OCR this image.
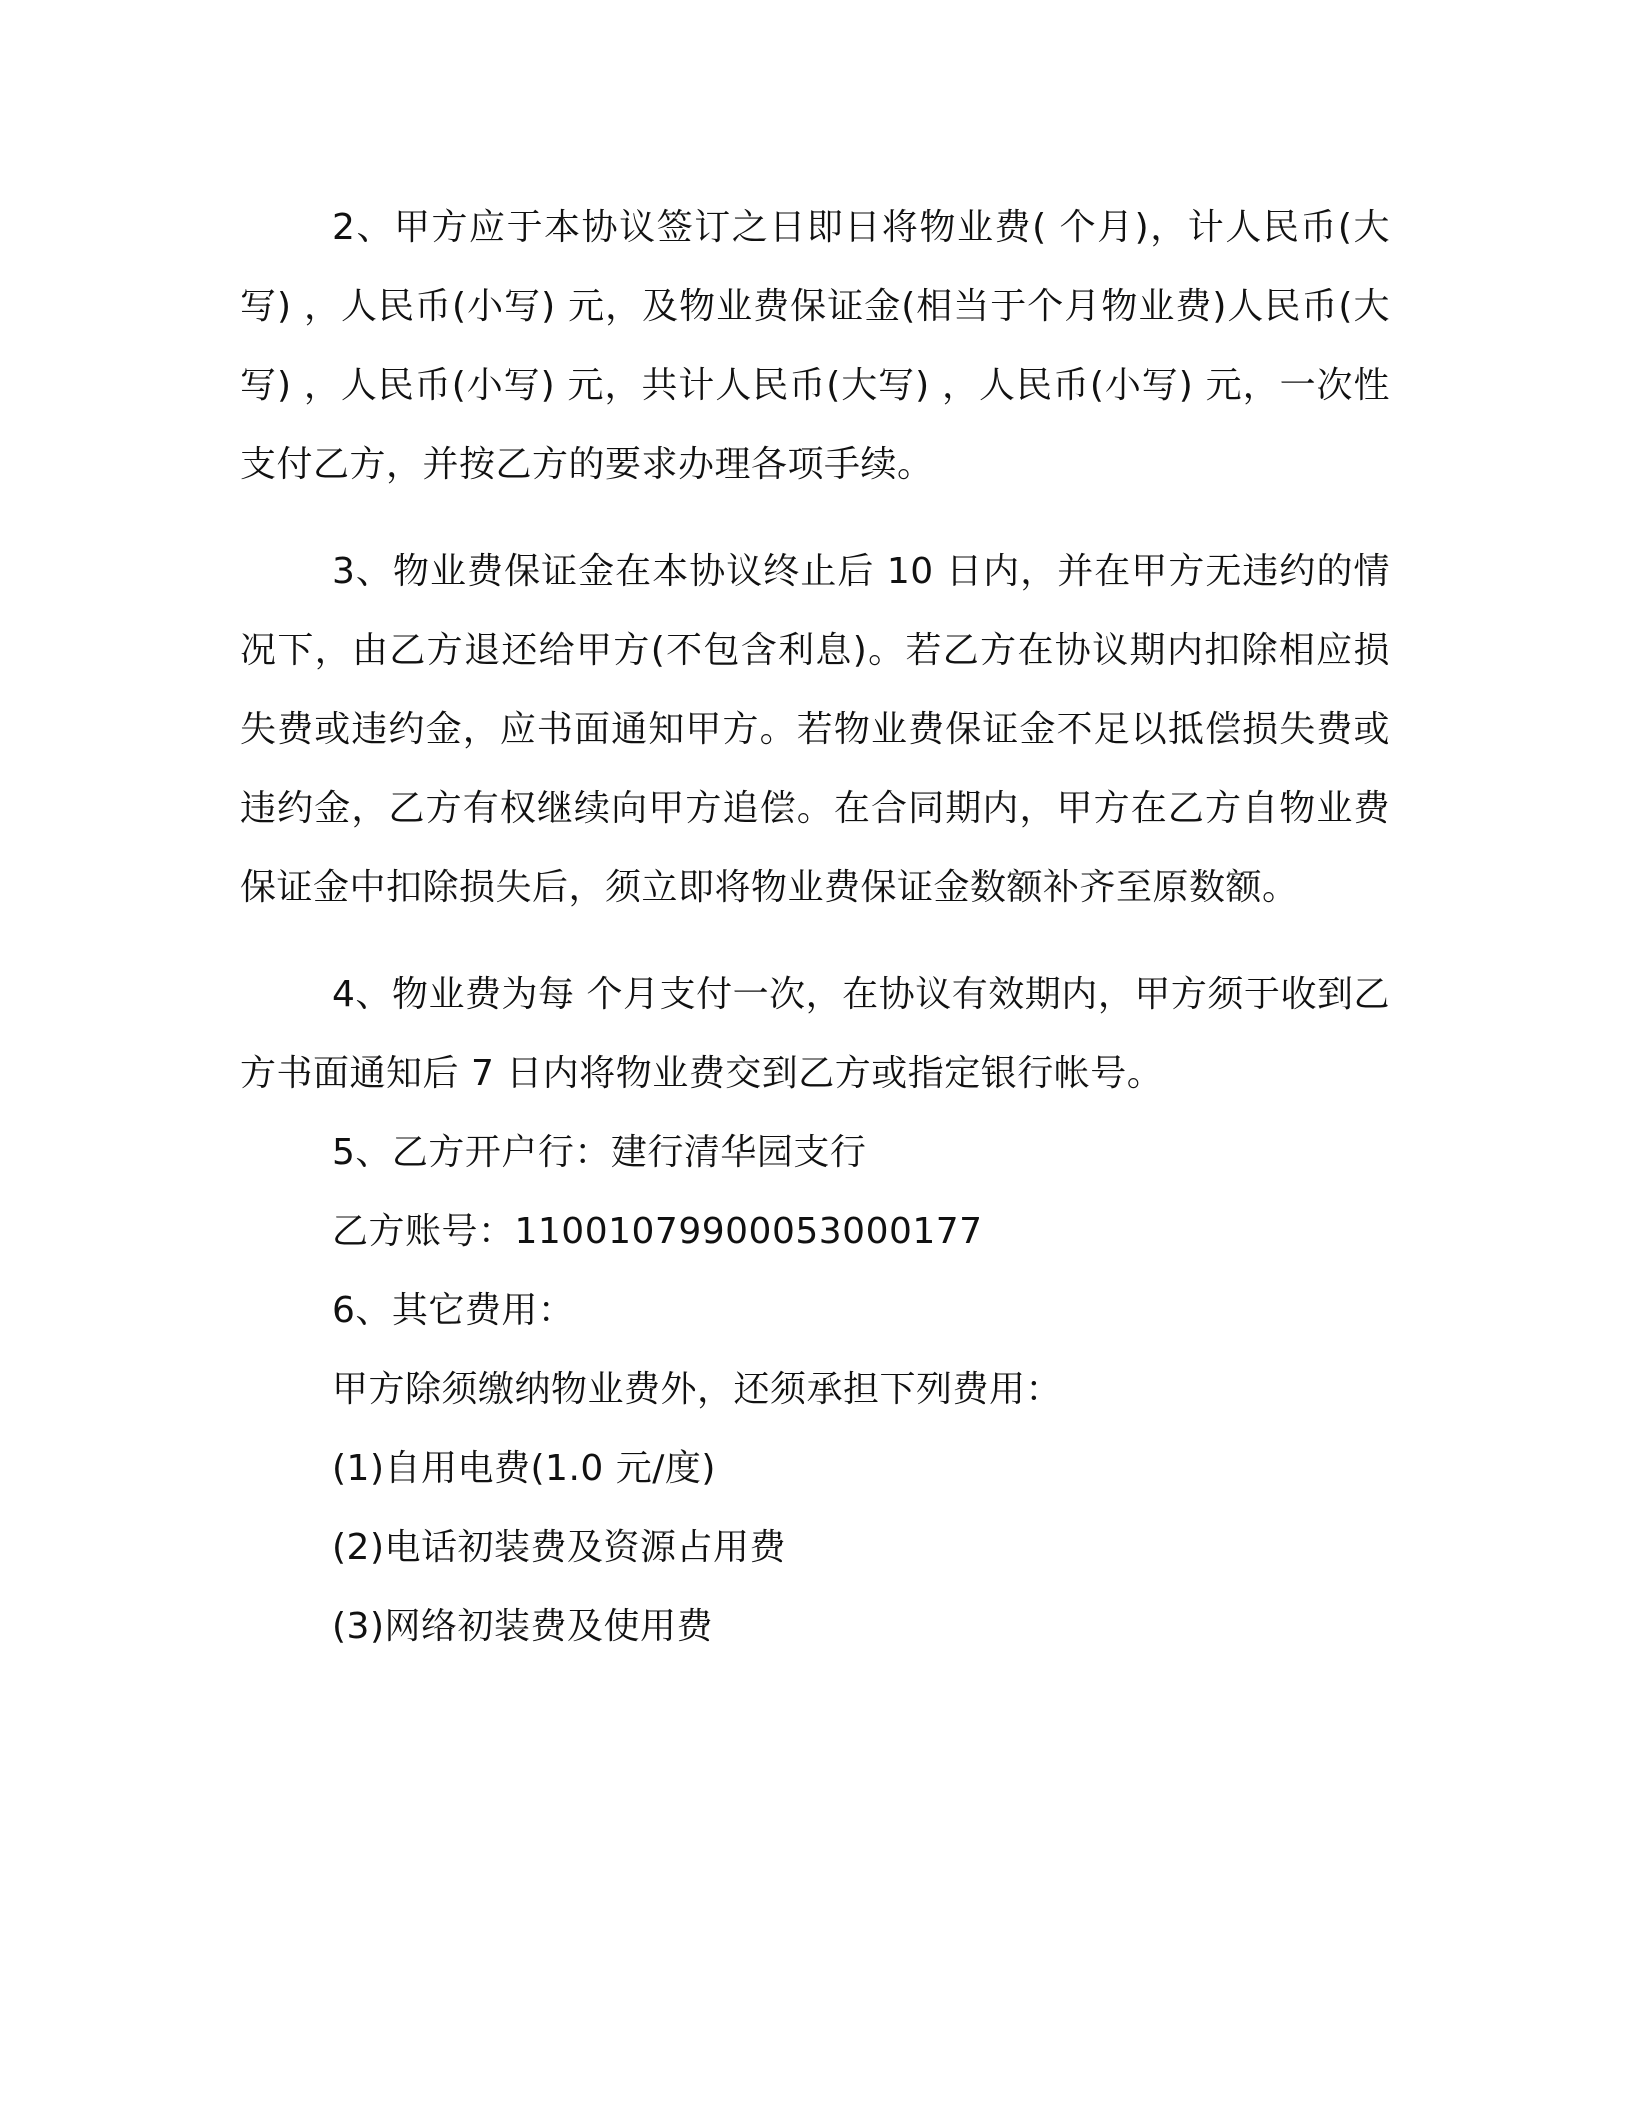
2、甲方应于本协议签订之日即日将物业费( 个月)，计人民币(大写) ，人民币(小写) 元，及物业费保证金(相当于个月物业费)人民币(大写) ，人民币(小写) 元，共计人民币(大写) ，人民币(小写) 元，一次性支付乙方，并按乙方的要求办理各项手续。

3、物业费保证金在本协议终止后 10 日内，并在甲方无违约的情况下，由乙方退还给甲方(不包含利息)。若乙方在协议期内扣除相应损失费或违约金，应书面通知甲方。若物业费保证金不足以抵偿损失费或违约金，乙方有权继续向甲方追偿。在合同期内，甲方在乙方自物业费保证金中扣除损失后，须立即将物业费保证金数额补齐至原数额。

4、物业费为每 个月支付一次，在协议有效期内，甲方须于收到乙方书面通知后 7 日内将物业费交到乙方或指定银行帐号。

5、乙方开户行：建行清华园支行

乙方账号：11001079900053000177

6、其它费用：

甲方除须缴纳物业费外，还须承担下列费用：

(1)自用电费(1.0 元/度)

(2)电话初装费及资源占用费

(3)网络初装费及使用费
